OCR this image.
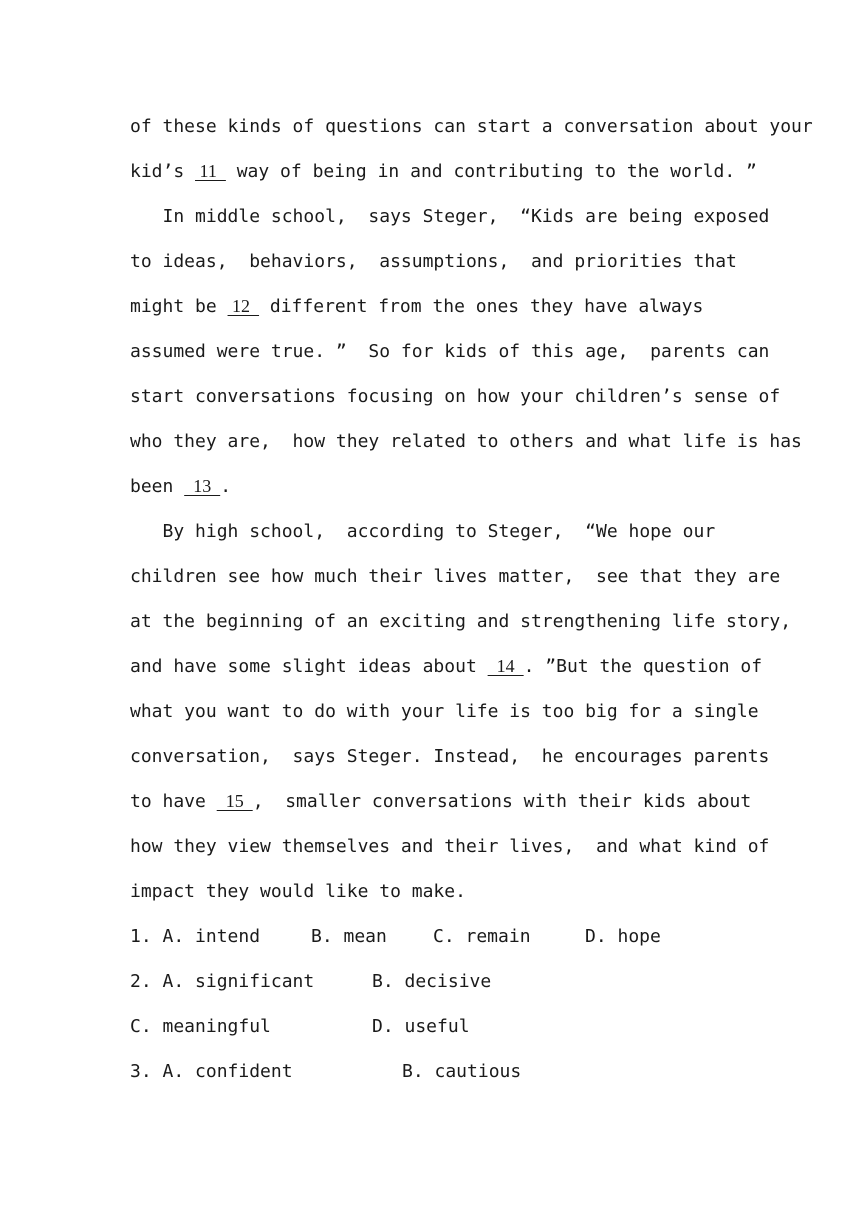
of these kinds of questions can start a conversation about your
kid’s  11   way of being in and contributing to the world. ”
In middle school,  says Steger,  “Kids are being exposed
to ideas,  behaviors,  assumptions,  and priorities that
might be  12   different from the ones they have always
assumed were true. ”  So for kids of this age,  parents can
start conversations focusing on how your children’s sense of
who they are,  how they related to others and what life is has
been   13  .
By high school,  according to Steger,  “We hope our
children see how much their lives matter,  see that they are
at the beginning of an exciting and strengthening life story,
and have some slight ideas about   14  . ”But the question of
what you want to do with your life is too big for a single
conversation,  says Steger. Instead,  he encourages parents
to have   15  ,  smaller conversations with their kids about
how they view themselves and their lives,  and what kind of
impact they would like to make.

1. A. intend

	B. mean

	C. remain

	D. hope

2. A. significant

	B. decisive

C. meaningful

	D. useful

3. A. confident

	B. cautious
